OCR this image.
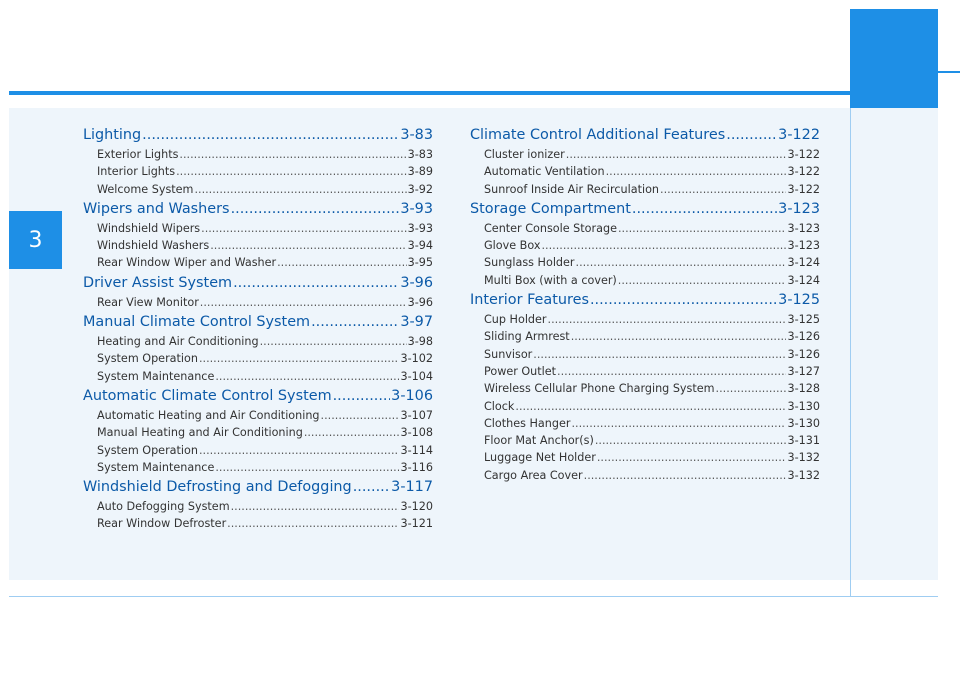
3
Lighting .....	3-83
Exterior Lights .....	3-83
Interior Lights .....	3-89
Welcome System .....	3-92
Wipers and Washers .....	3-93
Windshield Wipers .....	3-93
Windshield Washers .....	3-94
Rear Window Wiper and Washer .....	3-95
Driver Assist System .....	3-96
Rear View Monitor .....	3-96
Manual Climate Control System .....	3-97
Heating and Air Conditioning .....	3-98
System Operation .....	3-102
System Maintenance .....	3-104
Automatic Climate Control System .....	3-106
Automatic Heating and Air Conditioning .....	3-107
Manual Heating and Air Conditioning .....	3-108
System Operation .....	3-114
System Maintenance .....	3-116
Windshield Defrosting and Defogging .....	3-117
Auto Defogging System .....	3-120
Rear Window Defroster .....	3-121
Climate Control Additional Features .....	3-122
Cluster ionizer .....	3-122
Automatic Ventilation .....	3-122
Sunroof Inside Air Recirculation .....	3-122
Storage Compartment .....	3-123
Center Console Storage .....	3-123
Glove Box .....	3-123
Sunglass Holder .....	3-124
Multi Box (with a cover) .....	3-124
Interior Features .....	3-125
Cup Holder .....	3-125
Sliding Armrest .....	3-126
Sunvisor .....	3-126
Power Outlet .....	3-127
Wireless Cellular Phone Charging System .....	3-128
Clock .....	3-130
Clothes Hanger .....	3-130
Floor Mat Anchor(s) .....	3-131
Luggage Net Holder .....	3-132
Cargo Area Cover .....	3-132
